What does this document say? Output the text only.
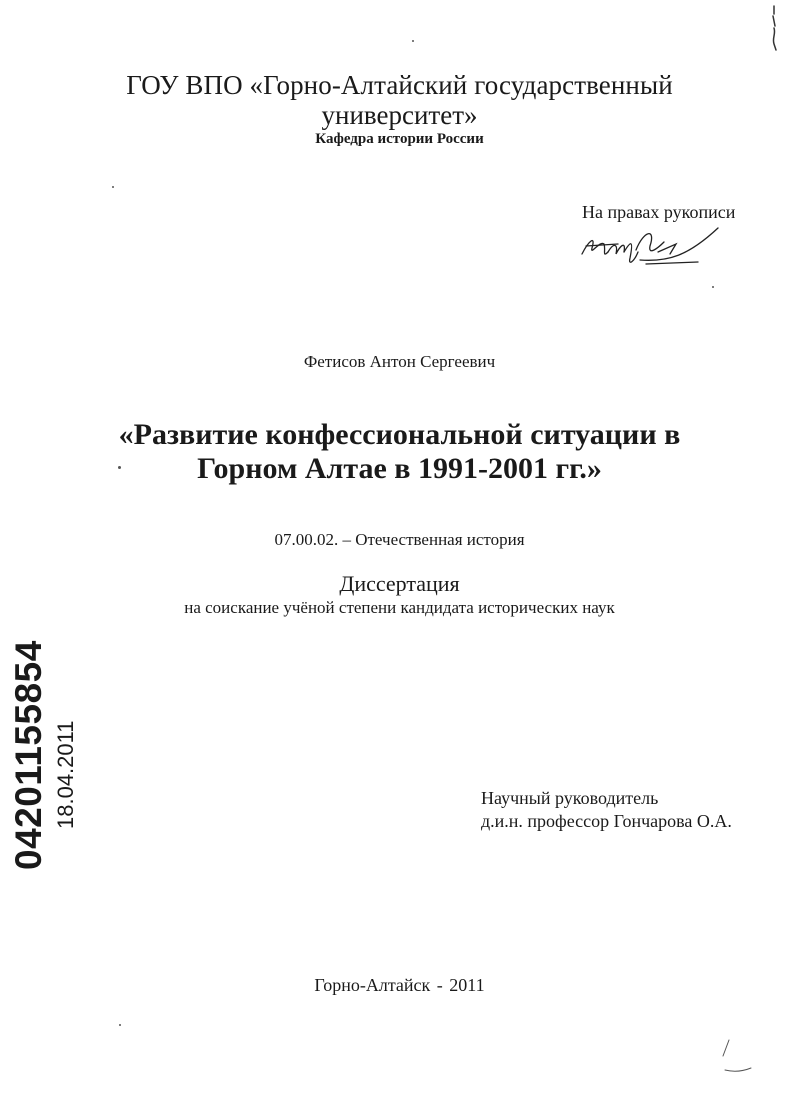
ГОУ ВПО «Горно-Алтайский государственный
университет»
Кафедра истории России
На правах рукописи
Фетисов Антон Сергеевич
«Развитие конфессиональной ситуации в
Горном Алтае в 1991-2001 гг.»
07.00.02. – Отечественная история
Диссертация
на соискание учёной степени кандидата исторических наук
Научный руководитель
д.и.н. профессор Гончарова О.А.
Горно-Алтайск - 2011
04201155854 18.04.2011
